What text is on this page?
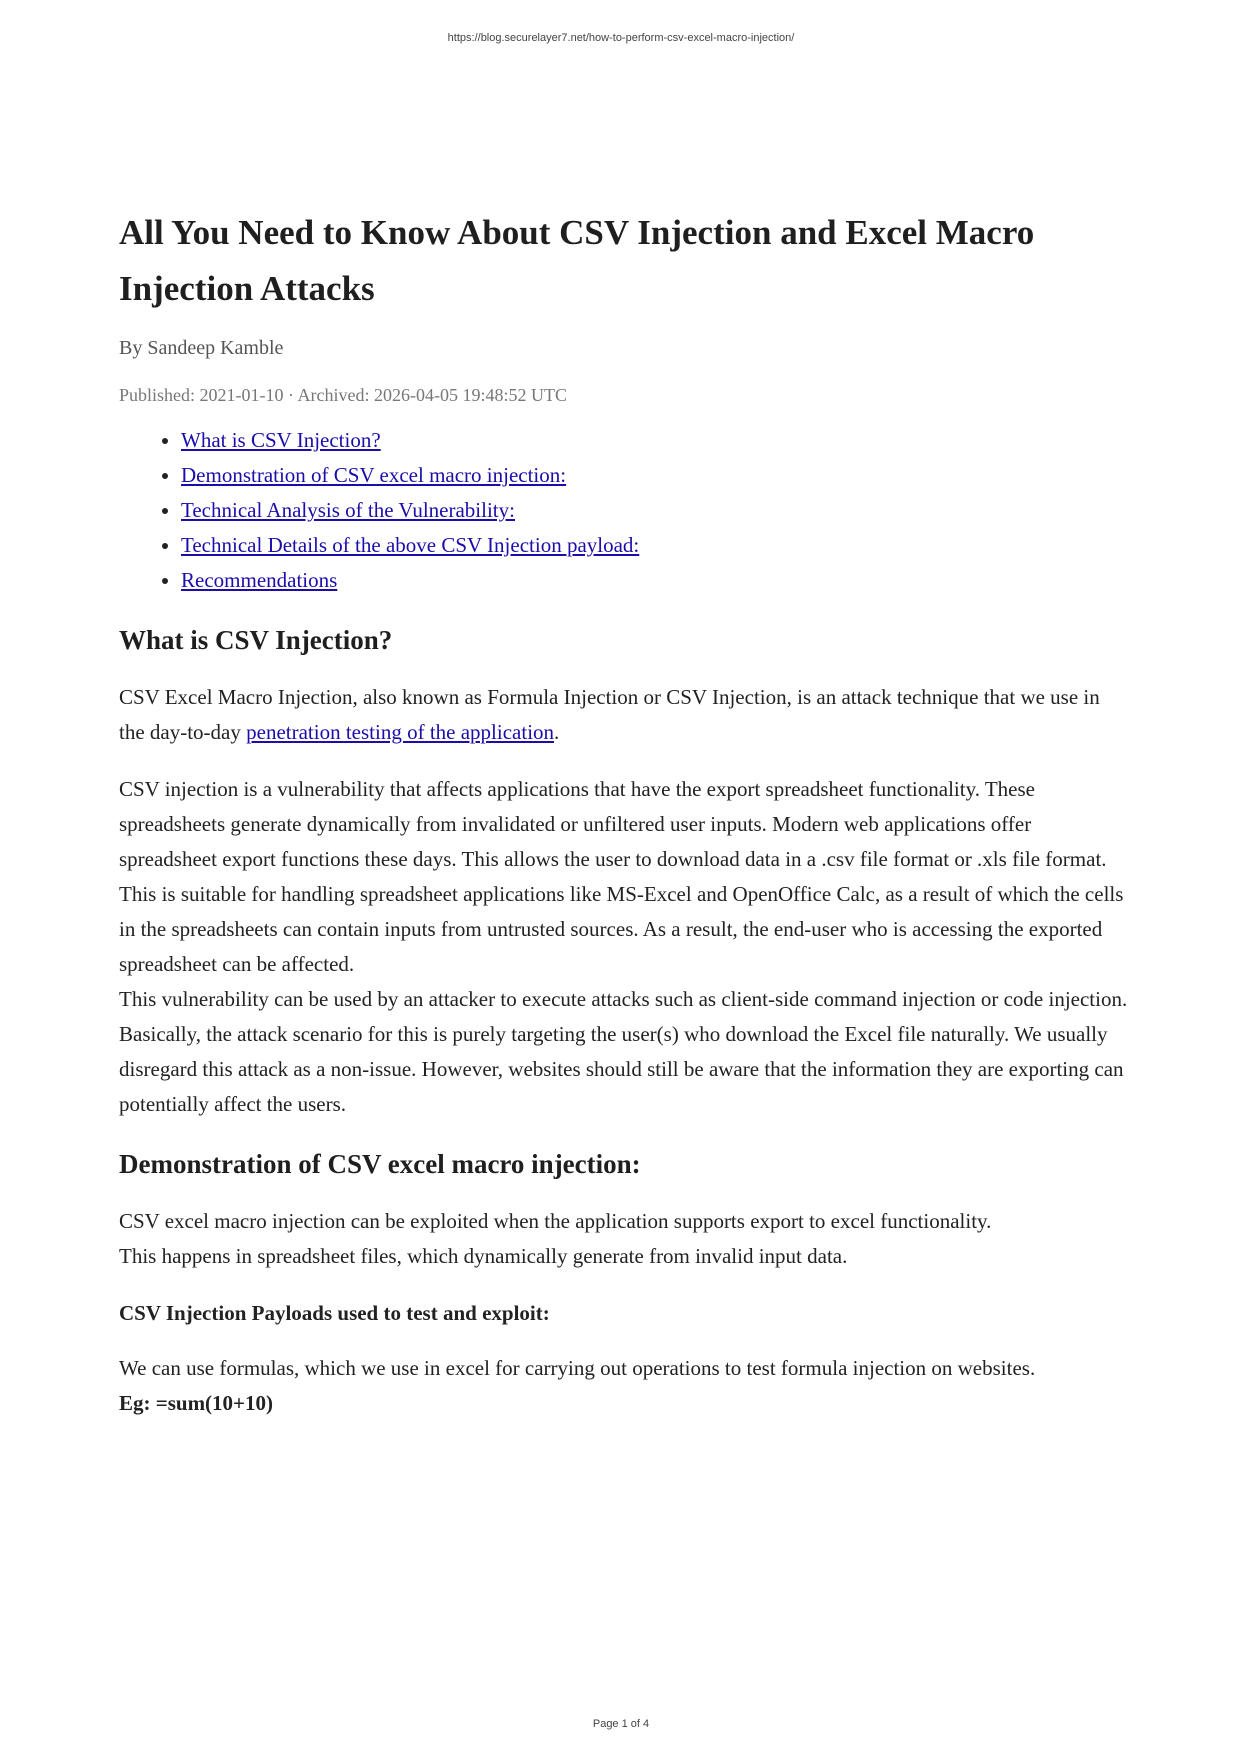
https://blog.securelayer7.net/how-to-perform-csv-excel-macro-injection/
All You Need to Know About CSV Injection and Excel Macro Injection Attacks
By Sandeep Kamble
Published: 2021-01-10 · Archived: 2026-04-05 19:48:52 UTC
• What is CSV Injection?
• Demonstration of CSV excel macro injection:
• Technical Analysis of the Vulnerability:
• Technical Details of the above CSV Injection payload:
• Recommendations
What is CSV Injection?

CSV Excel Macro Injection, also known as Formula Injection or CSV Injection, is an attack technique that we use in the day-to-day penetration testing of the application.

CSV injection is a vulnerability that affects applications that have the export spreadsheet functionality. These spreadsheets generate dynamically from invalidated or unfiltered user inputs. Modern web applications offer spreadsheet export functions these days. This allows the user to download data in a .csv file format or .xls file format. This is suitable for handling spreadsheet applications like MS-Excel and OpenOffice Calc, as a result of which the cells in the spreadsheets can contain inputs from untrusted sources. As a result, the end-user who is accessing the exported spreadsheet can be affected.

This vulnerability can be used by an attacker to execute attacks such as client-side command injection or code injection. Basically, the attack scenario for this is purely targeting the user(s) who download the Excel file naturally. We usually disregard this attack as a non-issue. However, websites should still be aware that the information they are exporting can potentially affect the users.

Demonstration of CSV excel macro injection:

CSV excel macro injection can be exploited when the application supports export to excel functionality.
This happens in spreadsheet files, which dynamically generate from invalid input data.

CSV Injection Payloads used to test and exploit:

We can use formulas, which we use in excel for carrying out operations to test formula injection on websites.
Eg: =sum(10+10)

Page 1 of 4
